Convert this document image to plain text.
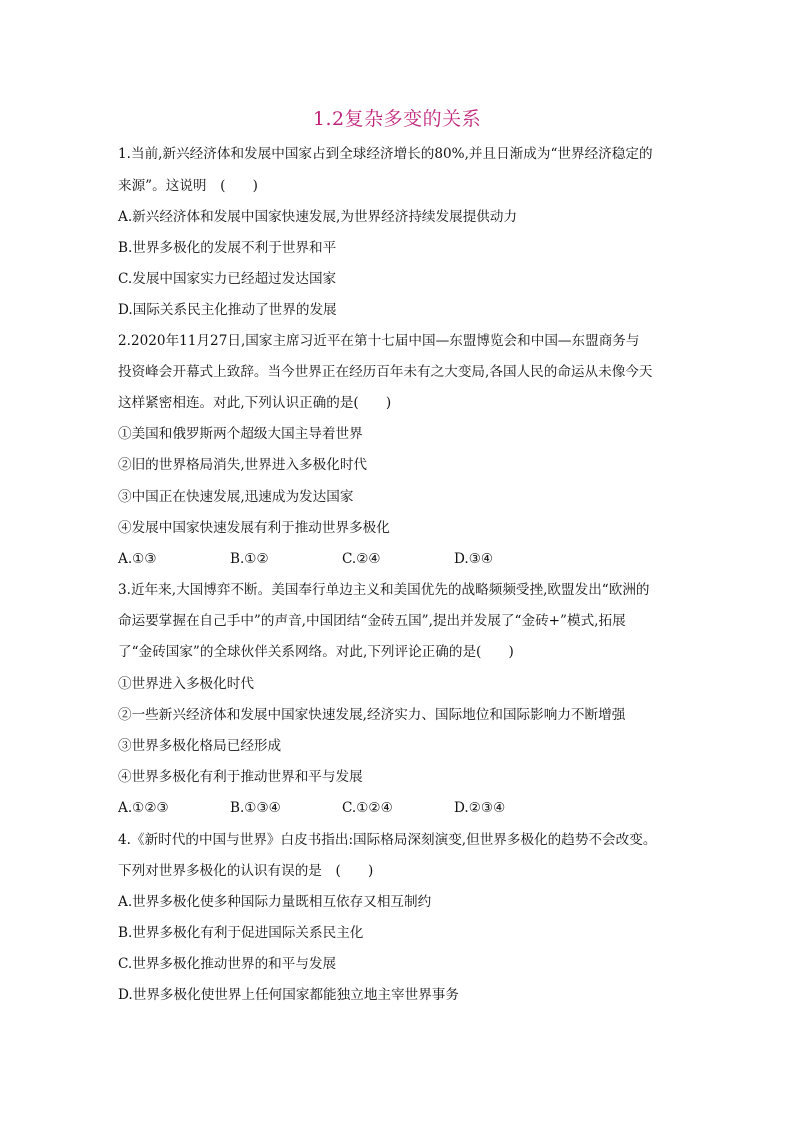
1.2复杂多变的关系
1.当前,新兴经济体和发展中国家占到全球经济增长的80%,并且日渐成为“世界经济稳定的
来源”。这说明　(　　)
A.新兴经济体和发展中国家快速发展,为世界经济持续发展提供动力
B.世界多极化的发展不利于世界和平
C.发展中国家实力已经超过发达国家
D.国际关系民主化推动了世界的发展
2.2020年11月27日,国家主席习近平在第十七届中国—东盟博览会和中国—东盟商务与
投资峰会开幕式上致辞。当今世界正在经历百年未有之大变局,各国人民的命运从未像今天
这样紧密相连。对此,下列认识正确的是(　　)
①美国和俄罗斯两个超级大国主导着世界
②旧的世界格局消失,世界进入多极化时代
③中国正在快速发展,迅速成为发达国家
④发展中国家快速发展有利于推动世界多极化
A.①③	B.①②	C.②④	D.③④
3.近年来,大国博弈不断。美国奉行单边主义和美国优先的战略频频受挫,欧盟发出“欧洲的
命运要掌握在自己手中”的声音,中国团结“金砖五国”,提出并发展了“金砖+”模式,拓展
了“金砖国家”的全球伙伴关系网络。对此,下列评论正确的是(　　)
①世界进入多极化时代
②一些新兴经济体和发展中国家快速发展,经济实力、国际地位和国际影响力不断增强
③世界多极化格局已经形成
④世界多极化有利于推动世界和平与发展
A.①②③	B.①③④	C.①②④	D.②③④
4.《新时代的中国与世界》白皮书指出:国际格局深刻演变,但世界多极化的趋势不会改变。
下列对世界多极化的认识有误的是　(　　)
A.世界多极化使多种国际力量既相互依存又相互制约
B.世界多极化有利于促进国际关系民主化
C.世界多极化推动世界的和平与发展
D.世界多极化使世界上任何国家都能独立地主宰世界事务
